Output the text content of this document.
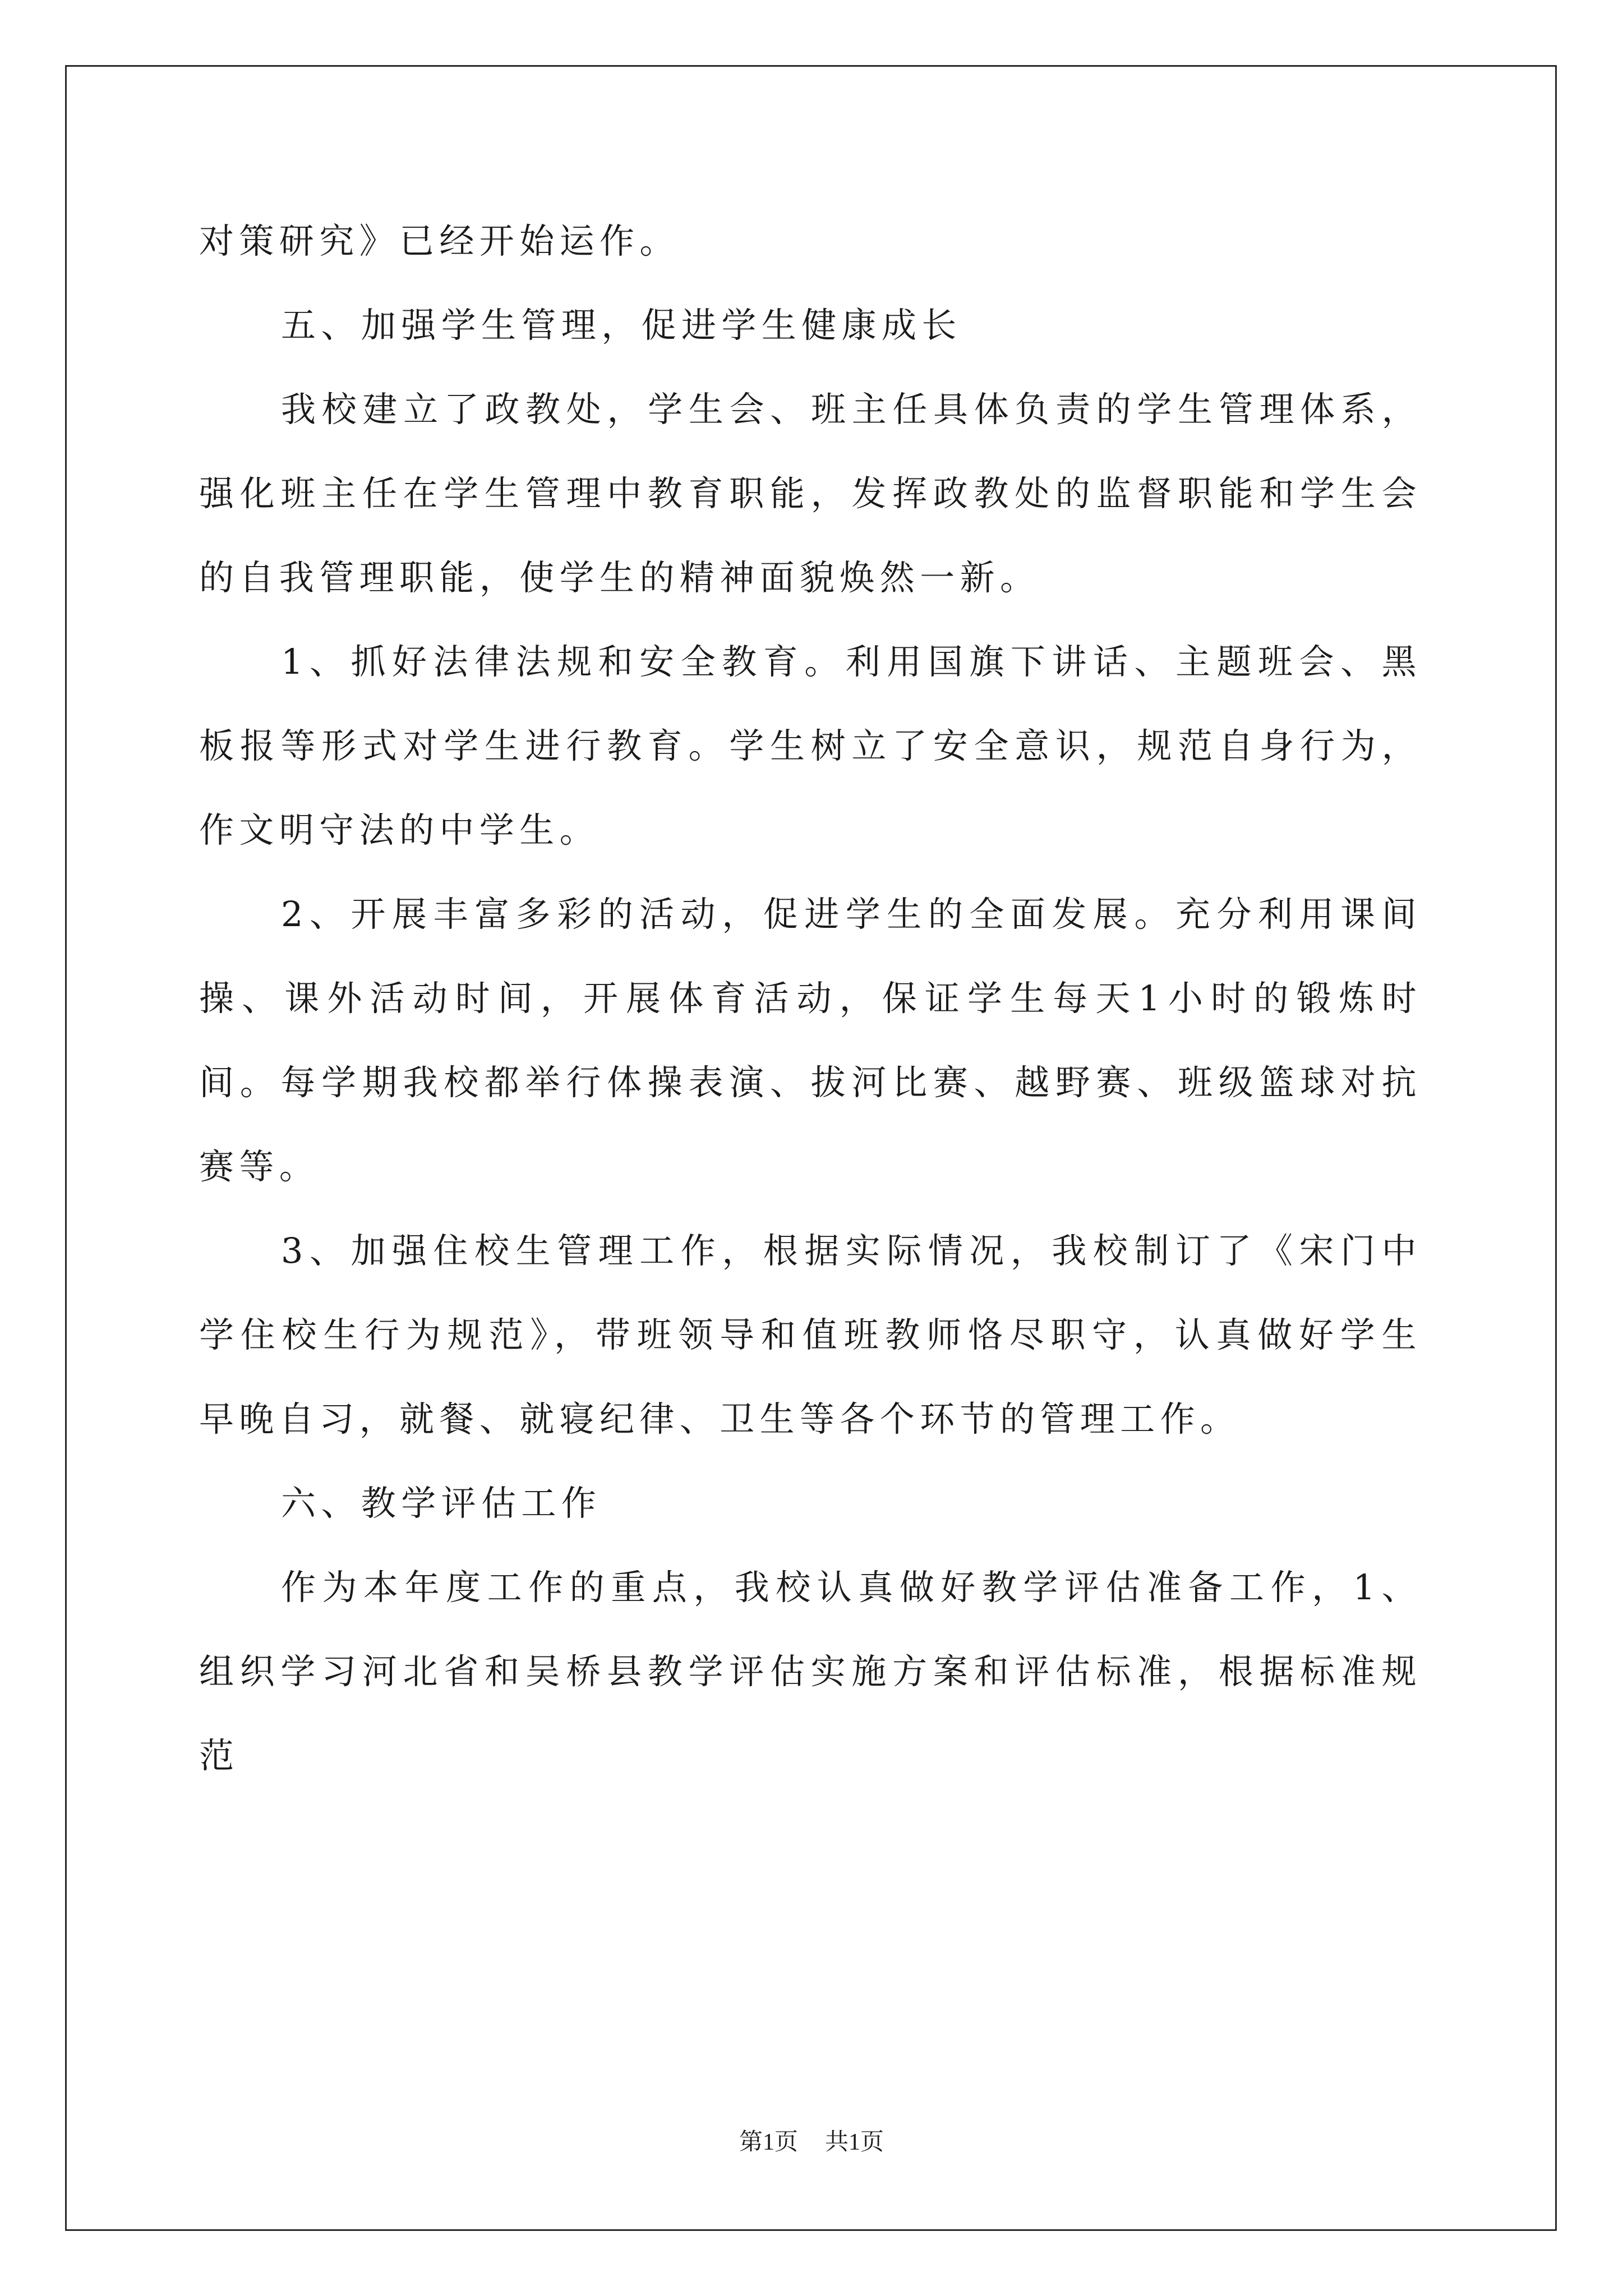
对策研究》已经开始运作。

五、加强学生管理，促进学生健康成长

我校建立了政教处，学生会、班主任具体负责的学生管理体系，强化班主任在学生管理中教育职能，发挥政教处的监督职能和学生会的自我管理职能，使学生的精神面貌焕然一新。

1、抓好法律法规和安全教育。利用国旗下讲话、主题班会、黑板报等形式对学生进行教育。学生树立了安全意识，规范自身行为，作文明守法的中学生。

2、开展丰富多彩的活动，促进学生的全面发展。充分利用课间操、课外活动时间，开展体育活动，保证学生每天1小时的锻炼时间。每学期我校都举行体操表演、拔河比赛、越野赛、班级篮球对抗赛等。

3、加强住校生管理工作，根据实际情况，我校制订了《宋门中学住校生行为规范》，带班领导和值班教师恪尽职守，认真做好学生早晚自习，就餐、就寝纪律、卫生等各个环节的管理工作。

六、教学评估工作

作为本年度工作的重点，我校认真做好教学评估准备工作，1、组织学习河北省和吴桥县教学评估实施方案和评估标准，根据标准规范

第1页 共1页
